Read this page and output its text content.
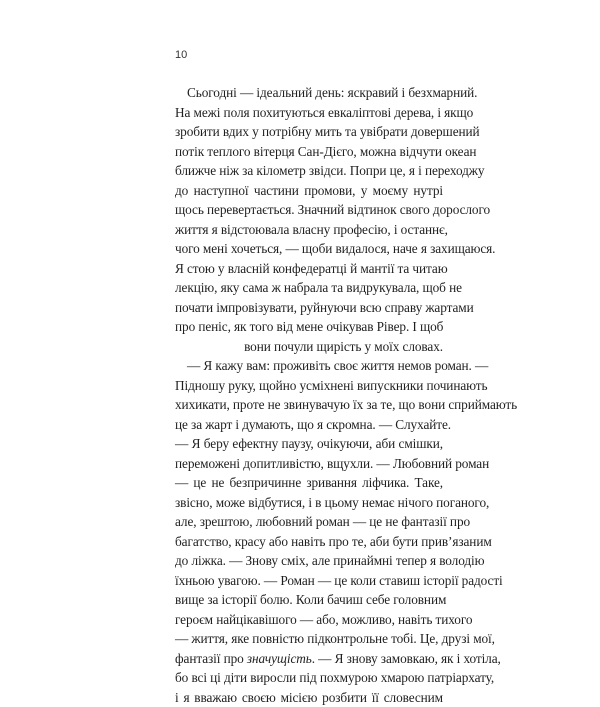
10
Сьогодні — ідеальний день: яскравий і безхмарний.
На межі поля похитуються евкаліптові дерева, і якщо
зробити вдих у потрібну мить та увібрати довершений
потік теплого вітерця Сан-Дієго, можна відчути океан
ближче ніж за кілометр звідси. Попри це, я і переходжу
до наступної частини промови, у моєму нутрі
щось перевертається. Значний відтинок свого дорослого
життя я відстоювала власну професію, і останнє,
чого мені хочеться, — щоби видалося, наче я захищаюся.
Я стою у власній конфедератці й мантії та читаю
лекцію, яку сама ж набрала та видрукувала, щоб не
почати імпровізувати, руйнуючи всю справу жартами
про пеніс, як того від мене очікував Рівер. І щоб
вони почули щирість у моїх словах.
— Я кажу вам: проживіть своє життя немов роман. —
Підношу руку, щойно усміхнені випускники починають
хихикати, проте не звинувачую їх за те, що вони сприймають
це за жарт і думають, що я скромна. — Слухайте.
— Я беру ефектну паузу, очікуючи, аби смішки,
переможені допитливістю, вщухли. — Любовний роман
— це не безпричинне зривання ліфчика. Таке,
звісно, може відбутися, і в цьому немає нічого поганого,
але, зрештою, любовний роман — це не фантазії про
багатство, красу або навіть про те, аби бути прив’язаним
до ліжка. — Знову сміх, але принаймні тепер я володію
їхньою увагою. — Роман — це коли ставиш історії радості
вище за історії болю. Коли бачиш себе головним
героєм найцікавішого — або, можливо, навіть тихого
— життя, яке повністю підконтрольне тобі. Це, друзі мої,
фантазії про значущість. — Я знову замовкаю, як і хотіла,
бо всі ці діти виросли під похмурою хмарою патріархату,
і я вважаю своєю місією розбити її словесним
